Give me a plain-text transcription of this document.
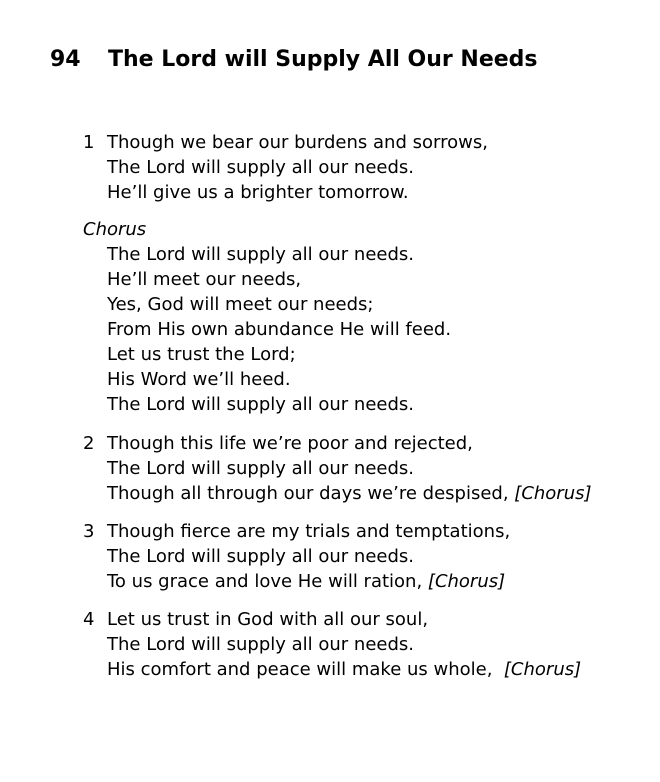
94 The Lord will Supply All Our Needs
1 Though we bear our burdens and sorrows,
The Lord will supply all our needs.
He’ll give us a brighter tomorrow.
Chorus
The Lord will supply all our needs.
He’ll meet our needs,
Yes, God will meet our needs;
From His own abundance He will feed.
Let us trust the Lord;
His Word we’ll heed.
The Lord will supply all our needs.
2 Though this life we’re poor and rejected,
The Lord will supply all our needs.
Though all through our days we’re despised, [Chorus]
3 Though fierce are my trials and temptations,
The Lord will supply all our needs.
To us grace and love He will ration, [Chorus]
4 Let us trust in God with all our soul,
The Lord will supply all our needs.
His comfort and peace will make us whole, [Chorus]
